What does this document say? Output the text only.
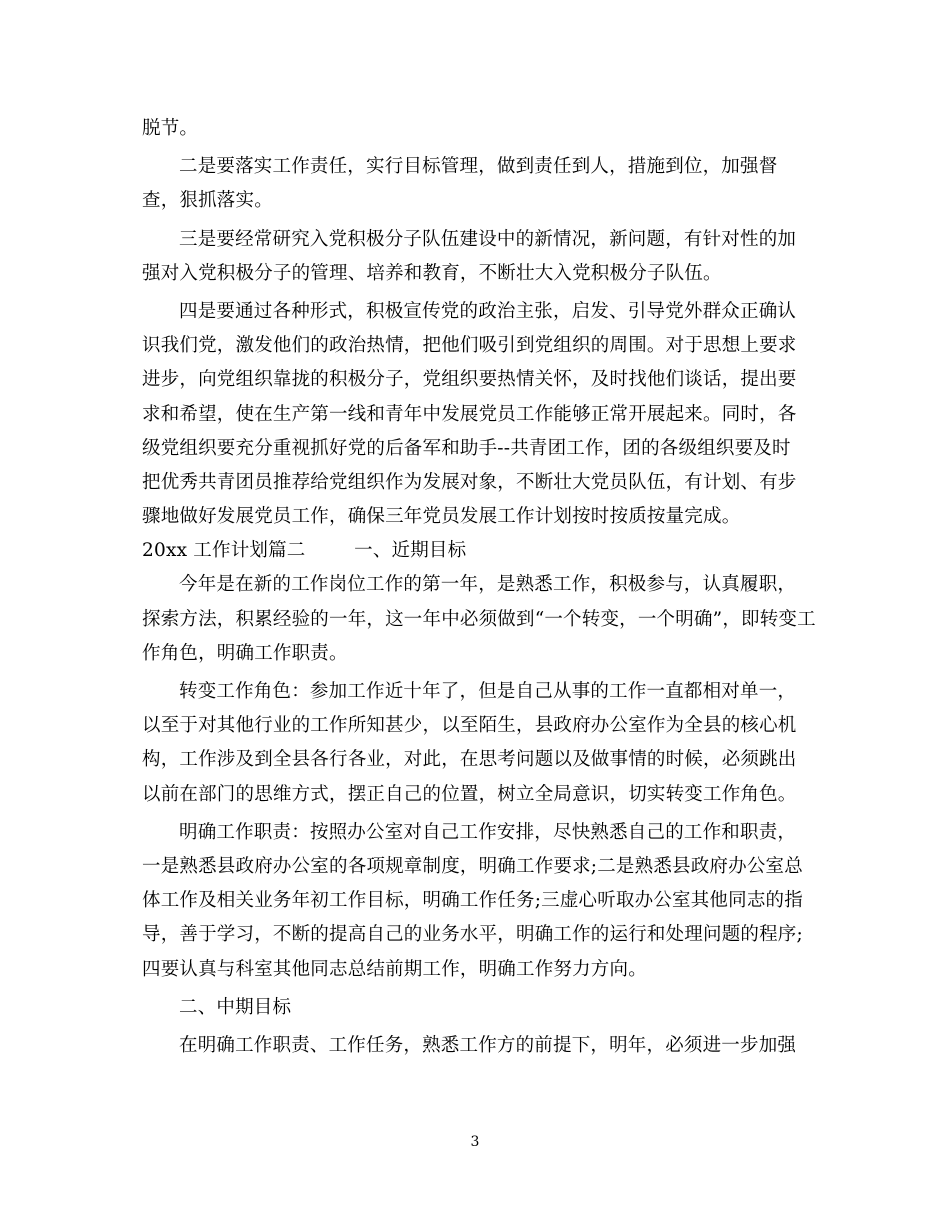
脱节。
二是要落实工作责任，实行目标管理，做到责任到人，措施到位，加强督
查，狠抓落实。
三是要经常研究入党积极分子队伍建设中的新情况，新问题，有针对性的加
强对入党积极分子的管理、培养和教育，不断壮大入党积极分子队伍。
四是要通过各种形式，积极宣传党的政治主张，启发、引导党外群众正确认
识我们党，激发他们的政治热情，把他们吸引到党组织的周围。对于思想上要求
进步，向党组织靠拢的积极分子，党组织要热情关怀，及时找他们谈话，提出要
求和希望，使在生产第一线和青年中发展党员工作能够正常开展起来。同时，各
级党组织要充分重视抓好党的后备军和助手--共青团工作，团的各级组织要及时
把优秀共青团员推荐给党组织作为发展对象，不断壮大党员队伍，有计划、有步
骤地做好发展党员工作，确保三年党员发展工作计划按时按质按量完成。
20xx 工作计划篇二        一、近期目标
今年是在新的工作岗位工作的第一年，是熟悉工作，积极参与，认真履职，
探索方法，积累经验的一年，这一年中必须做到“一个转变，一个明确”，即转变工
作角色，明确工作职责。
转变工作角色：参加工作近十年了，但是自己从事的工作一直都相对单一，
以至于对其他行业的工作所知甚少，以至陌生，县政府办公室作为全县的核心机
构，工作涉及到全县各行各业，对此，在思考问题以及做事情的时候，必须跳出
以前在部门的思维方式，摆正自己的位置，树立全局意识，切实转变工作角色。
明确工作职责：按照办公室对自己工作安排，尽快熟悉自己的工作和职责，
一是熟悉县政府办公室的各项规章制度，明确工作要求;二是熟悉县政府办公室总
体工作及相关业务年初工作目标，明确工作任务;三虚心听取办公室其他同志的指
导，善于学习，不断的提高自己的业务水平，明确工作的运行和处理问题的程序;
四要认真与科室其他同志总结前期工作，明确工作努力方向。
二、中期目标
在明确工作职责、工作任务，熟悉工作方的前提下，明年，必须进一步加强
3
